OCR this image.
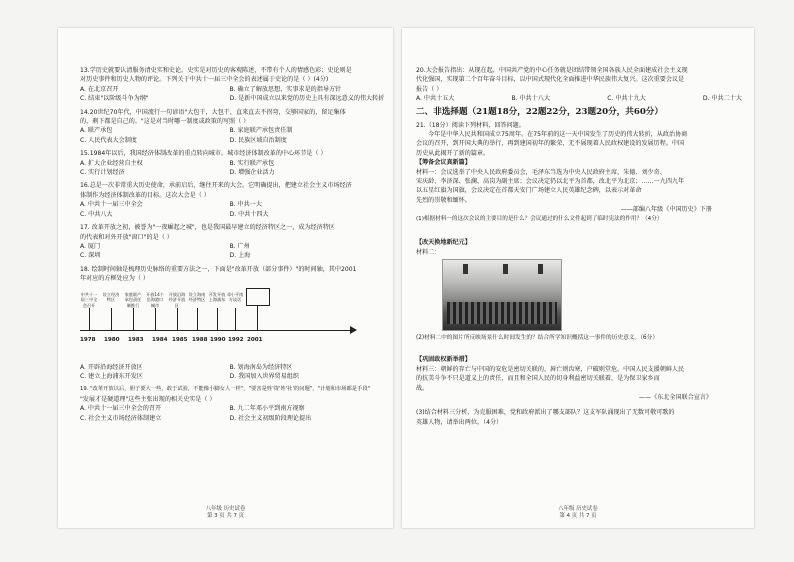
13.学历史就要认清服务清史实和史论。史实是对历史的客观陈述，不带有个人的情感色彩；史论则是

对历史事件和历史人物的评论。下列关于中共十一届三中全会的表述属于史论的是（ ）(4分)

A. 在北京召开	B. 确立了解放思想、实事求是的指导方针
C. 结束"以阶级斗争为纲"	D. 是新中国成立以来党的历史上具有深远意义的伟大转折

14.20世纪70年代，中国流行一句谚语"大包干，大包干，直来直去不拐弯，交够国家的，留足集体

的，剩下都是自己的。"这是对当时哪一制度或政策的写照（ ）

A. 联产承包	B. 家庭联产承包责任制
C. 人民代表大会制度	D. 民族区域自治制度

15.1984年以后，我国经济体制改革的重点转向城市。城市经济体制改革的中心环节是（ ）

A. 扩大企业经营自主权	B. 实行联产承包
C. 实行计划经济	D. 增强企业活力

16.总是一次非常重大历史使命，承前启后，继往开来的大会。它明确提出，把建立社会主义市场经济

体制作为经济体制改革的目标。这次大会是（ ）

A. 中共十一届三中全会	B. 中共一大
C. 中共八大	D. 中共十四大

17. 改革开放之初，被誉为"一夜崛起之城"，也是我国最早建立的经济特区之一，成为经济特区

的代表和对外开放"窗口"的是（ ）

A. 厦门	B. 广州
C. 深圳	D. 上海

18. 绘制时间轴是梳理历史脉络的重要方法之一，下面是"改革开放（部分事件）"的时间轴，其中2001

年对应的方框处应为（ ）

中共十一届三中全会召开
设立经济特区
家庭联产承包责任制推行
开放14个沿海港口城市
开放沿海经济开放区
设立海南经济特区
开发开放上海浦东
邓小平南方谈话
1978 1980 1983 1984 1985 1988 1990 1992 2001
A. 开辟沿海经济开放区	B. 划海南岛为经济特区
C. 建立上海浦东开发区	D. 我国加入世界贸易组织

19. "改革开放以后，胆子要大一些，敢于试验，不能像小脚女人一样"，"要害是姓'资'姓'社'的问题"，"计划和市场都是手段"

"发展才是硬道理"这些主张出现的相关史实是（ ）

A. 中共十一届三中全会的召开	B. 九二年邓小平到南方视察
C. 社会主义市场经济体制建立	D. 社会主义初级阶段理论提出
八年级 历史试卷
第 3 页 共 7 页

20.大会报告指出：从现在起，中国共产党的中心任务就是团结带领全国各族人民全面建成社会主义现

代化强国，实现第二个百年奋斗目标，以中国式现代化全面推进中华民族伟大复兴。这次重要会议是

报告（ ）

A. 中共十五大	B. 中共十八大	C. 中共十九大	D. 中共二十大
二、非选择题（21题18分，22题22分，23题20分，共60分）

21.（18分）阅读下列材料，回答问题。

今年是中华人民共和国成立75周年。在75年前的这一天中国发生了历史的伟大转折，从政治协商

会议的召开，到开国大典的举行，再到建国初年的繁荣，无不展现着人民政权建设的发展历程。中国

历史从此揭开了新的篇章。

【筹备会议真新篇】

材料一：会议选举了中央人民政府委员会，毛泽东当选为中央人民政府主席，朱德、刘少奇、

宋庆龄、李济深、张澜、高岗为副主席；会议决定仍以北平为首都，改北平为北京；……一九四九年

以五星红旗为国旗，会议决定在首都天安门广场建立人民英雄纪念碑，以表示对革命

先烈的崇敬和缅怀。

——部编八年级《中国历史》下册

(1)根据材料一的这次会议的主要目的是什么？会议通过的什么文件起到了临时宪法的作用？（4分）

【改天换地新纪元】

材料二：

(2)材料二中的图片所反映场景什么时间发生的？结合所学知识概括这一事件的历史意义。（6分）

【巩固政权新举措】

材料三：朝鲜的存亡与中国的安危是密切关联的，唇亡则齿寒，户破则堂危。中国人民支援朝鲜人民

的抗美斗争不只是道义上的责任，而且和全国人民的切身利益密切关联着，是为保卫家乡而

战。

——《东北全国联合宣言》

(3)结合材料三分析，为克服困难，党和政府派出了哪支部队？这支军队涌现出了无数可敬可歌的

英雄人物，请举出两位。（4分）

八年级 历史试卷
第 4 页 共 7 页
